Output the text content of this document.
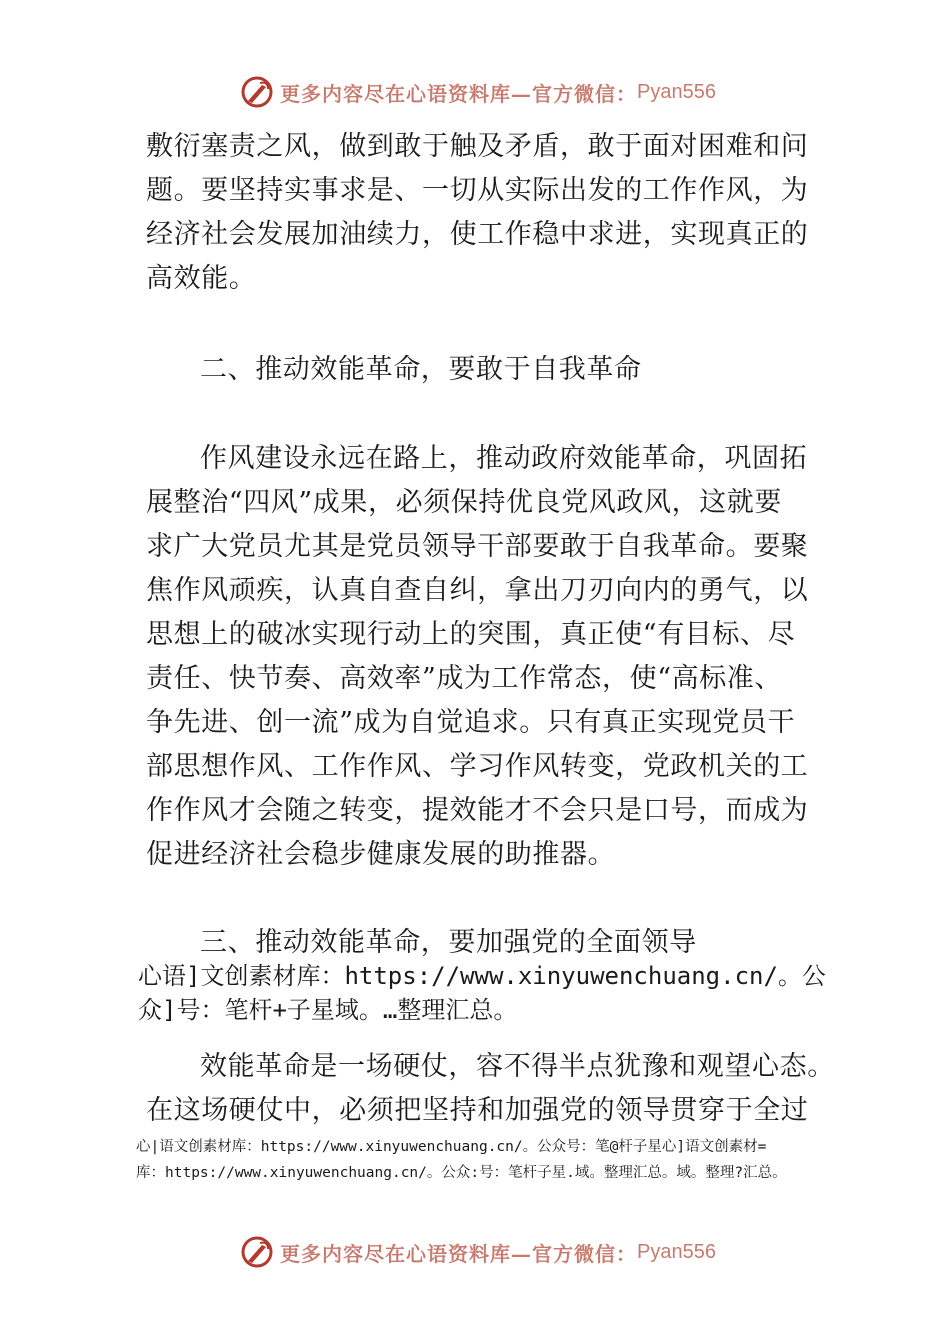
更多内容尽在心语资料库—官方微信： Pyan556
敷衍塞责之风，做到敢于触及矛盾，敢于面对困难和问
题。要坚持实事求是、一切从实际出发的工作作风，为
经济社会发展加油续力，使工作稳中求进，实现真正的
高效能。
二、推动效能革命，要敢于自我革命
作风建设永远在路上，推动政府效能革命，巩固拓
展整治“四风”成果，必须保持优良党风政风，这就要
求广大党员尤其是党员领导干部要敢于自我革命。要聚
焦作风顽疾，认真自查自纠，拿出刀刃向内的勇气，以
思想上的破冰实现行动上的突围，真正使“有目标、尽
责任、快节奏、高效率”成为工作常态，使“高标准、
争先进、创一流”成为自觉追求。只有真正实现党员干
部思想作风、工作作风、学习作风转变，党政机关的工
作作风才会随之转变，提效能才不会只是口号，而成为
促进经济社会稳步健康发展的助推器。
三、推动效能革命，要加强党的全面领导
心语]文创素材库：https://www.xinyuwenchuang.cn/。公
众]号：笔杆+子星域。…整理汇总。
效能革命是一场硬仗，容不得半点犹豫和观望心态。
在这场硬仗中，必须把坚持和加强党的领导贯穿于全过
心|语文创素材库：https://www.xinyuwenchuang.cn/。公众号：笔@杆子星心]语文创素材=
库：https://www.xinyuwenchuang.cn/。公众:号：笔杆子星.域。整理汇总。域。整理?汇总。
更多内容尽在心语资料库—官方微信： Pyan556
